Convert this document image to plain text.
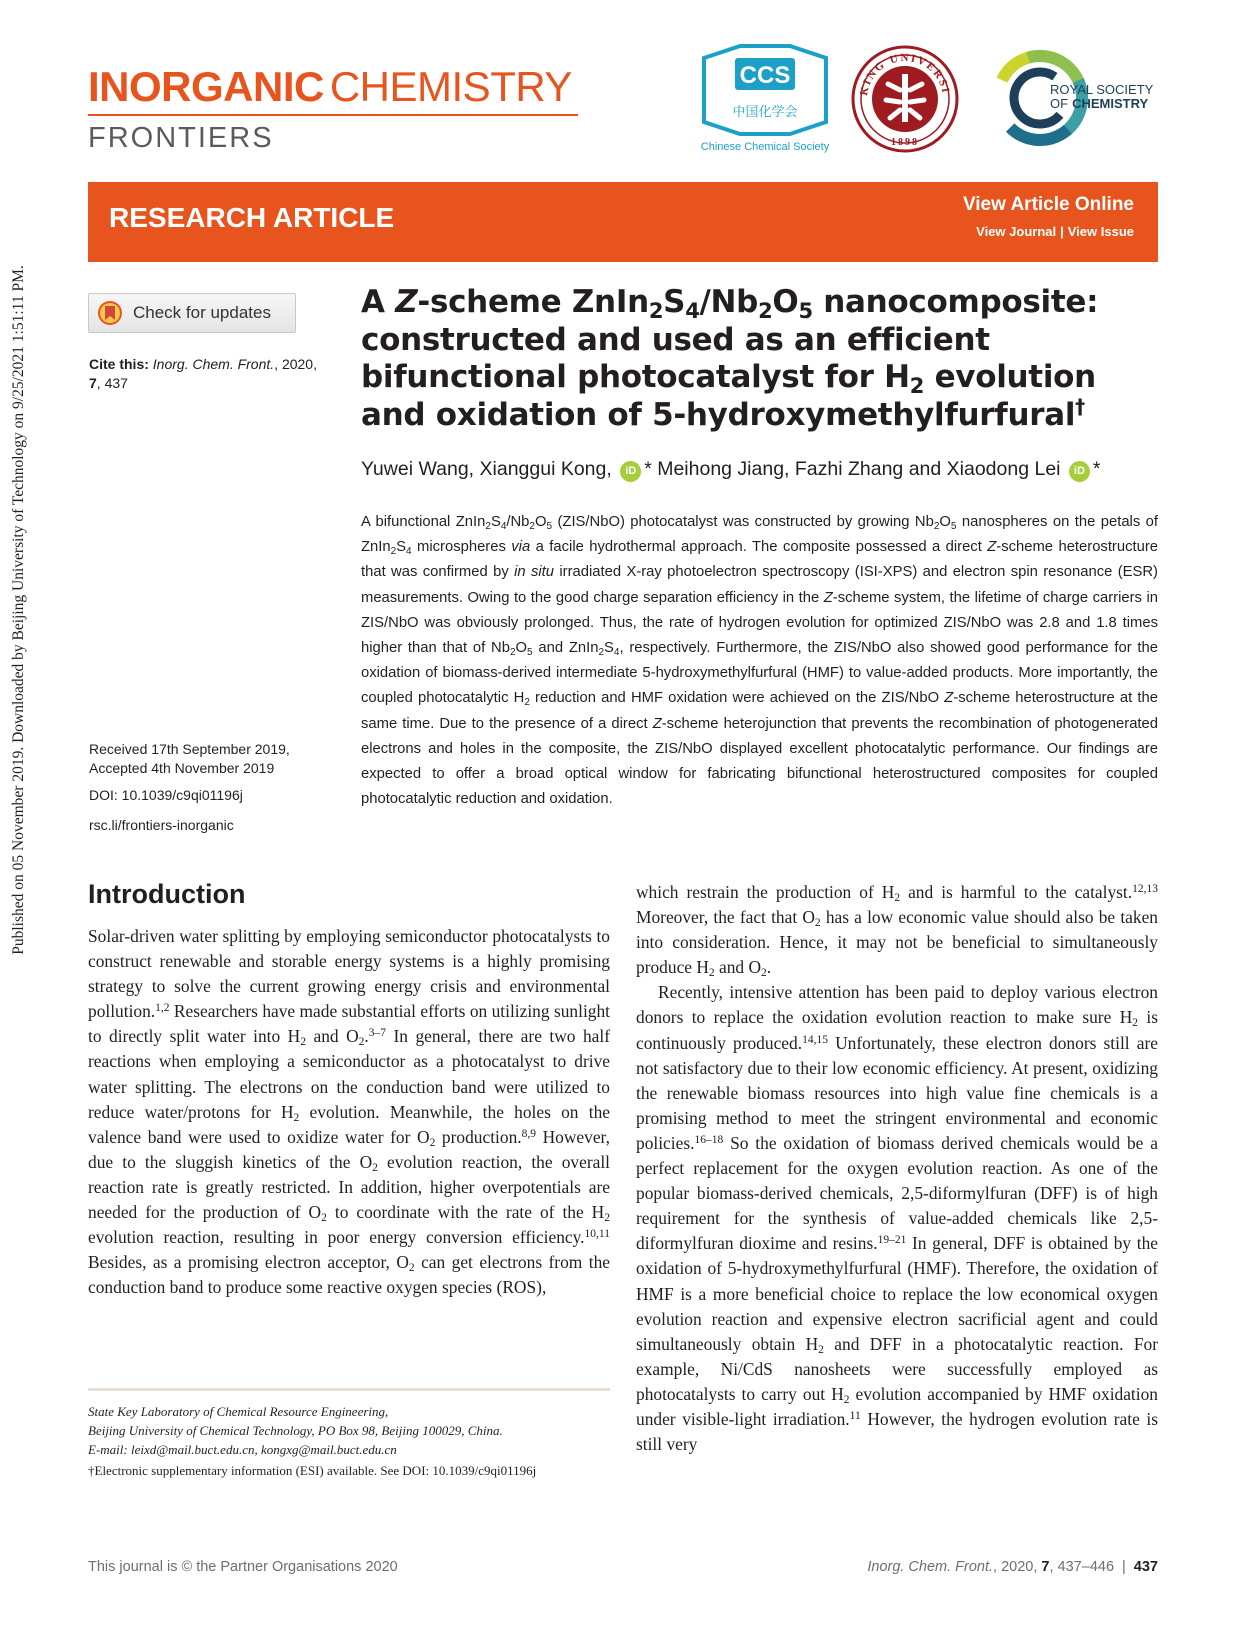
Published on 05 November 2019. Downloaded by Beijing University of Technology on 9/25/2021 1:51:11 PM.
INORGANIC CHEMISTRY
FRONTIERS
CCS
中国化学会
Chinese Chemical Society
KING UNIVERSI
1898
ROYAL SOCIETY
OF CHEMISTRY
RESEARCH ARTICLE	View Article Online
View Journal | View Issue
Check for updates
Cite this: Inorg. Chem. Front., 2020,
7, 437
Received 17th September 2019,
Accepted 4th November 2019
DOI: 10.1039/c9qi01196j
rsc.li/frontiers-inorganic
A Z-scheme $ZnIn_2S_4/Nb_2O_5$ nanocomposite: constructed and used as an efficient bifunctional photocatalyst for $H_2$ evolution and oxidation of 5-hydroxymethylfurfural†
Yuwei Wang, Xianggui Kong, iD * Meihong Jiang, Fazhi Zhang and Xiaodong Lei iD *

A bifunctional $ZnIn_2S_4/Nb_2O_5$ (ZIS/NbO) photocatalyst was constructed by growing $Nb_2O_5$ nanospheres on the petals of $ZnIn_2S_4$ microspheres via a facile hydrothermal approach. The composite possessed a direct Z-scheme heterostructure that was confirmed by in situ irradiated X-ray photoelectron spectroscopy (ISI-XPS) and electron spin resonance (ESR) measurements. Owing to the good charge separation efficiency in the Z-scheme system, the lifetime of charge carriers in ZIS/NbO was obviously prolonged. Thus, the rate of hydrogen evolution for optimized ZIS/NbO was 2.8 and 1.8 times higher than that of $Nb_2O_5$ and $ZnIn_2S_4$, respectively. Furthermore, the ZIS/NbO also showed good performance for the oxidation of biomass-derived intermediate 5-hydroxymethylfurfural (HMF) to value-added products. More importantly, the coupled photocatalytic $H_2$ reduction and HMF oxidation were achieved on the ZIS/NbO Z-scheme heterostructure at the same time. Due to the presence of a direct Z-scheme heterojunction that prevents the recombination of photogenerated electrons and holes in the composite, the ZIS/NbO displayed excellent photocatalytic performance. Our findings are expected to offer a broad optical window for fabricating bifunctional heterostructured composites for coupled photocatalytic reduction and oxidation.

Introduction

Solar-driven water splitting by employing semiconductor photocatalysts to construct renewable and storable energy systems is a highly promising strategy to solve the current growing energy crisis and environmental pollution.$^{1,2}$ Researchers have made substantial efforts on utilizing sunlight to directly split water into $H_2$ and $O_2.^{3-7}$ In general, there are two half reactions when employing a semiconductor as a photocatalyst to drive water splitting. The electrons on the conduction band were utilized to reduce water/protons for $H_2$ evolution. Meanwhile, the holes on the valence band were used to oxidize water for $O_2$ production.$^{8,9}$ However, due to the sluggish kinetics of the $O_2$ evolution reaction, the overall reaction rate is greatly restricted. In addition, higher overpotentials are needed for the production of $O_2$ to coordinate with the rate of the $H_2$ evolution reaction, resulting in poor energy conversion efficiency.$^{10,11}$ Besides, as a promising electron acceptor, $O_2$ can get electrons from the conduction band to produce some reactive oxygen species (ROS),

which restrain the production of $H_2$ and is harmful to the catalyst.$^{12,13}$ Moreover, the fact that $O_2$ has a low economic value should also be taken into consideration. Hence, it may not be beneficial to simultaneously produce $H_2$ and $O_2$.

Recently, intensive attention has been paid to deploy various electron donors to replace the oxidation evolution reaction to make sure $H_2$ is continuously produced.$^{14,15}$ Unfortunately, these electron donors still are not satisfactory due to their low economic efficiency. At present, oxidizing the renewable biomass resources into high value fine chemicals is a promising method to meet the stringent environmental and economic policies.$^{16-18}$ So the oxidation of biomass derived chemicals would be a perfect replacement for the oxygen evolution reaction. As one of the popular biomass-derived chemicals, 2,5-diformylfuran (DFF) is of high requirement for the synthesis of value-added chemicals like 2,5-diformylfuran dioxime and resins.$^{19-21}$ In general, DFF is obtained by the oxidation of 5-hydroxymethylfurfural (HMF). Therefore, the oxidation of HMF is a more beneficial choice to replace the low economical oxygen evolution reaction and expensive electron sacrificial agent and could simultaneously obtain $H_2$ and DFF in a photocatalytic reaction. For example, Ni/CdS nanosheets were successfully employed as photocatalysts to carry out $H_2$ evolution accompanied by HMF oxidation under visible-light irradiation.$^{11}$ However, the hydrogen evolution rate is still very

State Key Laboratory of Chemical Resource Engineering,
Beijing University of Chemical Technology, PO Box 98, Beijing 100029, China.
E-mail: leixd@mail.buct.edu.cn, kongxg@mail.buct.edu.cn
†Electronic supplementary information (ESI) available. See DOI: 10.1039/c9qi01196j
This journal is © the Partner Organisations 2020	Inorg. Chem. Front., 2020, 7, 437–446 | 437
